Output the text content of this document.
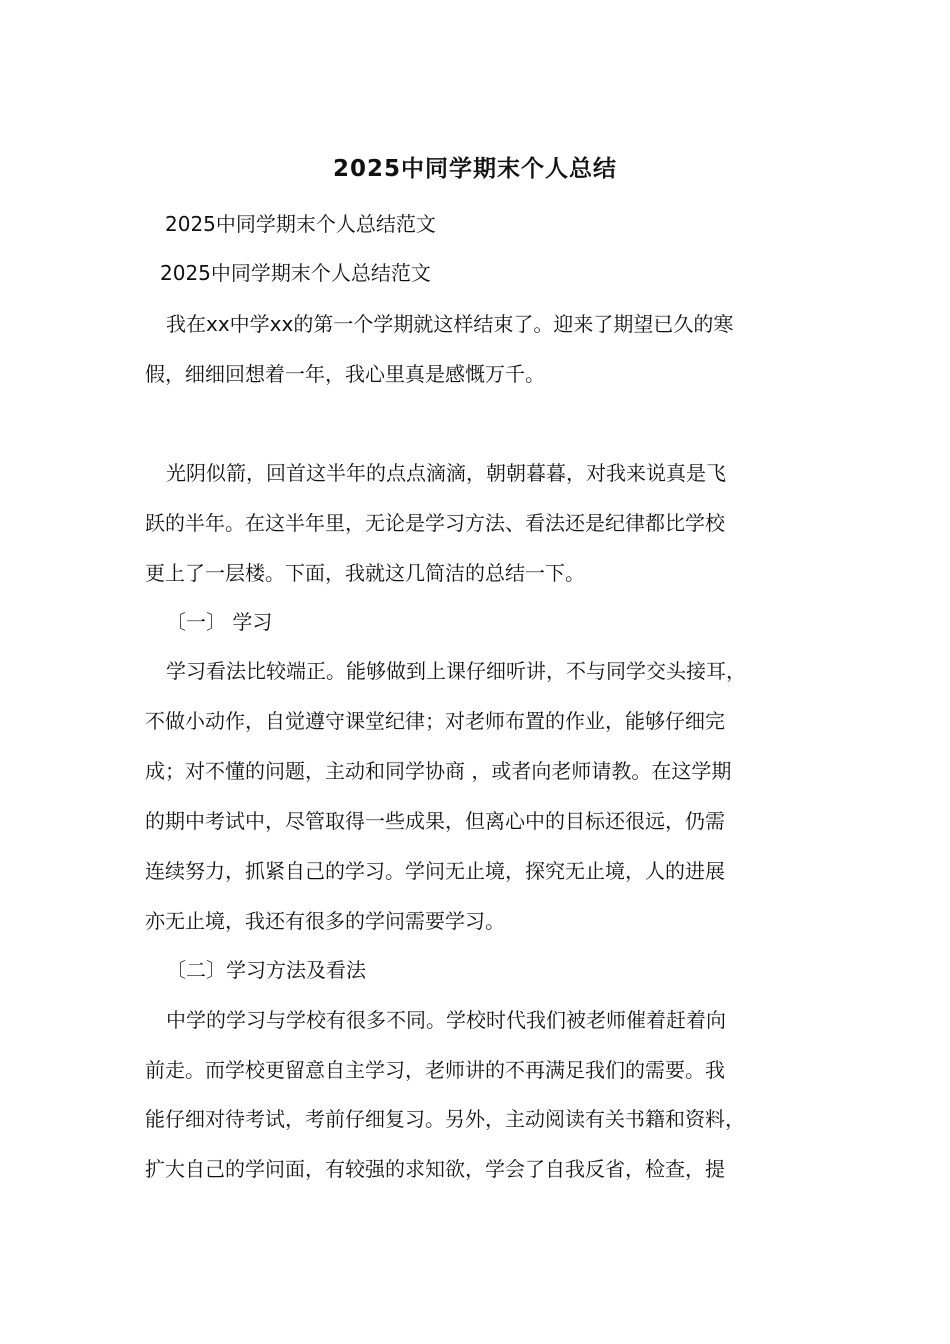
2025中同学期末个人总结
2025中同学期末个人总结范文
2025中同学期末个人总结范文
我在xx中学xx的第一个学期就这样结束了。迎来了期望已久的寒
假，细细回想着一年，我心里真是感慨万千。
光阴似箭，回首这半年的点点滴滴，朝朝暮暮，对我来说真是飞
跃的半年。在这半年里，无论是学习方法、看法还是纪律都比学校
更上了一层楼。下面，我就这几简洁的总结一下。
〔一〕 学习
学习看法比较端正。能够做到上课仔细听讲，不与同学交头接耳，
不做小动作，自觉遵守课堂纪律；对老师布置的作业，能够仔细完
成；对不懂的问题，主动和同学协商 ，或者向老师请教。在这学期
的期中考试中，尽管取得一些成果，但离心中的目标还很远，仍需
连续努力，抓紧自己的学习。学问无止境，探究无止境，人的进展
亦无止境，我还有很多的学问需要学习。
〔二〕学习方法及看法
中学的学习与学校有很多不同。学校时代我们被老师催着赶着向
前走。而学校更留意自主学习，老师讲的不再满足我们的需要。我
能仔细对待考试，考前仔细复习。另外，主动阅读有关书籍和资料，
扩大自己的学问面，有较强的求知欲，学会了自我反省，检查，提
